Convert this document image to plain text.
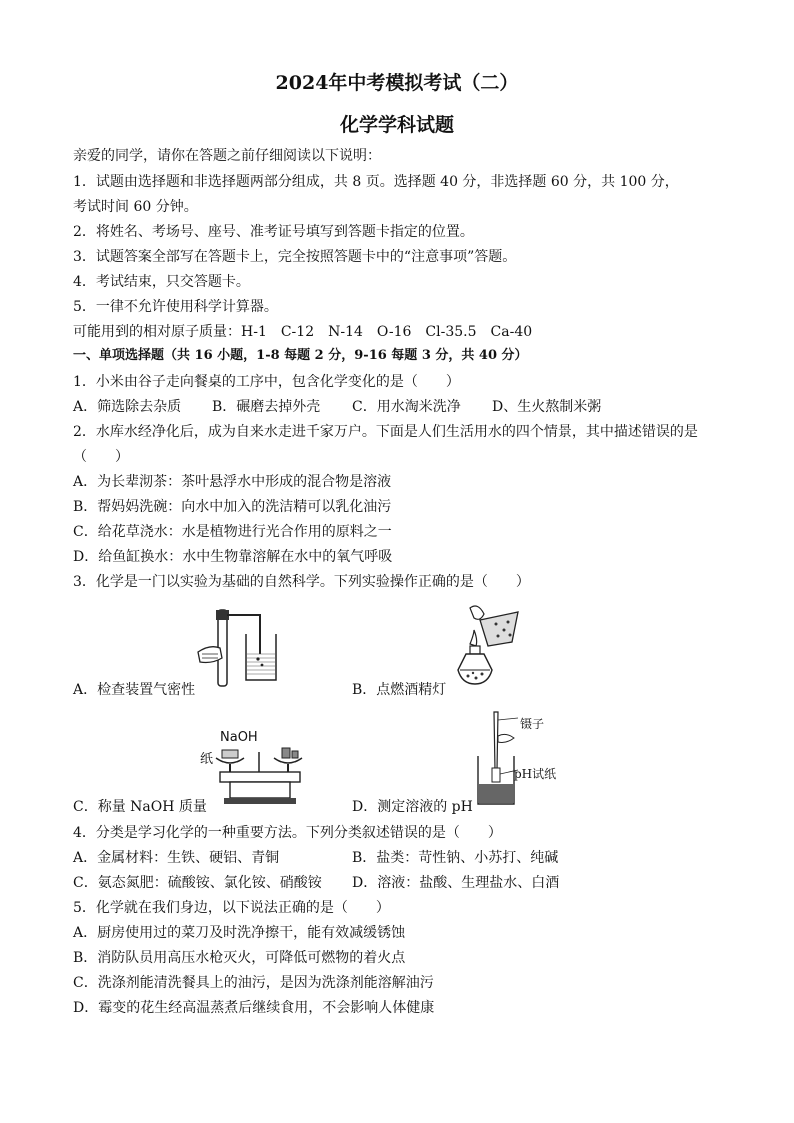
2024年中考模拟考试（二）
化学学科试题
亲爱的同学，请你在答题之前仔细阅读以下说明：
1．试题由选择题和非选择题两部分组成，共 8 页。选择题 40 分，非选择题 60 分，共 100 分，
考试时间 60 分钟。
2．将姓名、考场号、座号、准考证号填写到答题卡指定的位置。
3．试题答案全部写在答题卡上，完全按照答题卡中的“注意事项”答题。
4．考试结束，只交答题卡。
5．一律不允许使用科学计算器。
可能用到的相对原子质量：H-1　C-12　N-14　O-16　Cl-35.5　Ca-40
一、单项选择题（共 16 小题，1-8 每题 2 分，9-16 每题 3 分，共 40 分）
1．小米由谷子走向餐桌的工序中，包含化学变化的是（　　）
A．筛选除去杂质 B．碾磨去掉外壳 C．用水淘米洗净 D、生火熬制米粥
2．水库水经净化后，成为自来水走进千家万户。下面是人们生活用水的四个情景，其中描述错误的是
（　　）
A．为长辈沏茶：茶叶悬浮水中形成的混合物是溶液
B．帮妈妈洗碗：向水中加入的洗洁精可以乳化油污
C．给花草浇水：水是植物进行光合作用的原料之一
D．给鱼缸换水：水中生物靠溶解在水中的氧气呼吸
3．化学是一门以实验为基础的自然科学。下列实验操作正确的是（　　）
A．检查装置气密性	B．点燃酒精灯
NaOH
纸
镊子
pH试纸
C．称量 NaOH 质量	D．测定溶液的 pH
4．分类是学习化学的一种重要方法。下列分类叙述错误的是（　　）
A．金属材料：生铁、硬铝、青铜	B．盐类：苛性钠、小苏打、纯碱
C．氨态氮肥：硫酸铵、氯化铵、硝酸铵 D．溶液：盐酸、生理盐水、白酒
5．化学就在我们身边，以下说法正确的是（　　）
A．厨房使用过的菜刀及时洗净擦干，能有效减缓锈蚀
B．消防队员用高压水枪灭火，可降低可燃物的着火点
C．洗涤剂能清洗餐具上的油污，是因为洗涤剂能溶解油污
D．霉变的花生经高温蒸煮后继续食用，不会影响人体健康
